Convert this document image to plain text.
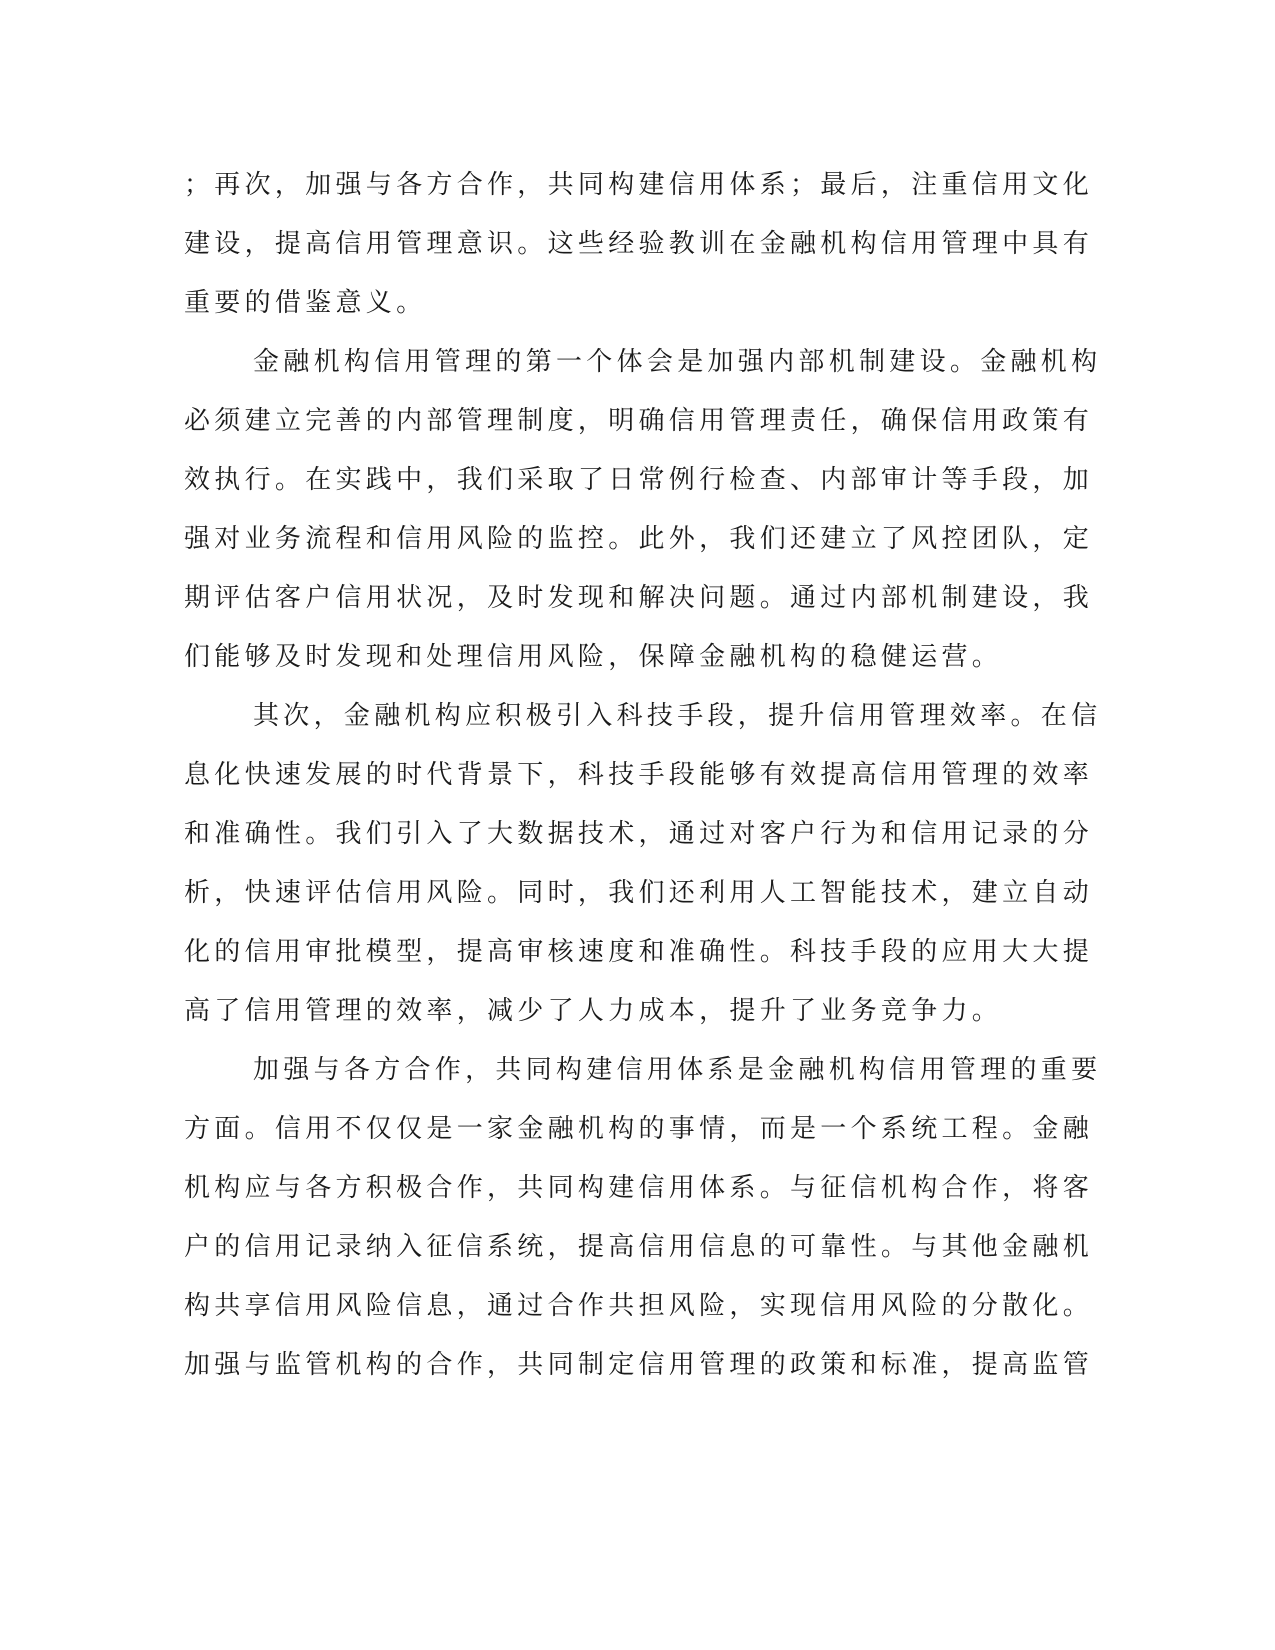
；再次，加强与各方合作，共同构建信用体系；最后，注重信用文化
建设，提高信用管理意识。这些经验教训在金融机构信用管理中具有
重要的借鉴意义。
金融机构信用管理的第一个体会是加强内部机制建设。金融机构
必须建立完善的内部管理制度，明确信用管理责任，确保信用政策有
效执行。在实践中，我们采取了日常例行检查、内部审计等手段，加
强对业务流程和信用风险的监控。此外，我们还建立了风控团队，定
期评估客户信用状况，及时发现和解决问题。通过内部机制建设，我
们能够及时发现和处理信用风险，保障金融机构的稳健运营。
其次，金融机构应积极引入科技手段，提升信用管理效率。在信
息化快速发展的时代背景下，科技手段能够有效提高信用管理的效率
和准确性。我们引入了大数据技术，通过对客户行为和信用记录的分
析，快速评估信用风险。同时，我们还利用人工智能技术，建立自动
化的信用审批模型，提高审核速度和准确性。科技手段的应用大大提
高了信用管理的效率，减少了人力成本，提升了业务竞争力。
加强与各方合作，共同构建信用体系是金融机构信用管理的重要
方面。信用不仅仅是一家金融机构的事情，而是一个系统工程。金融
机构应与各方积极合作，共同构建信用体系。与征信机构合作，将客
户的信用记录纳入征信系统，提高信用信息的可靠性。与其他金融机
构共享信用风险信息，通过合作共担风险，实现信用风险的分散化。
加强与监管机构的合作，共同制定信用管理的政策和标准，提高监管
